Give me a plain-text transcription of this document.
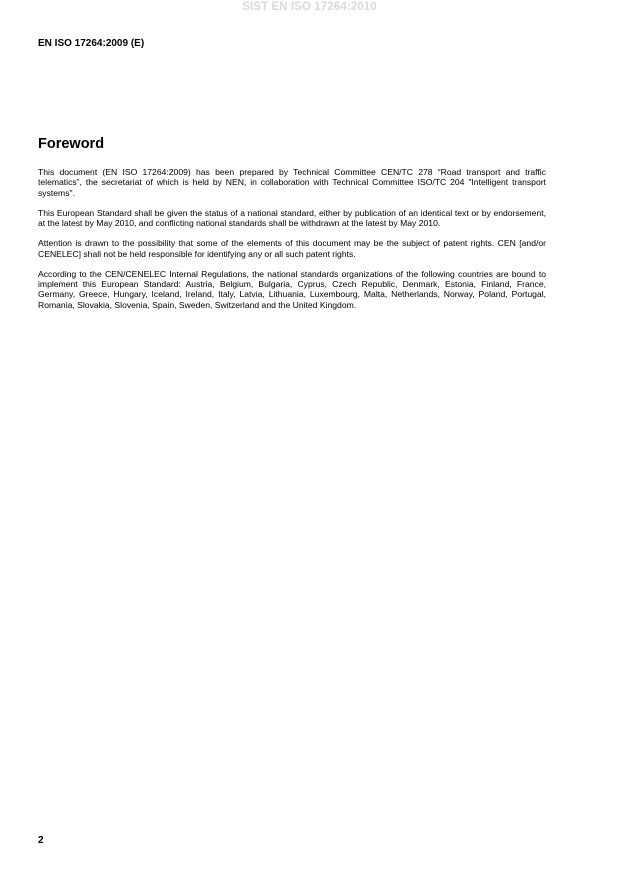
SIST EN ISO 17264:2010
EN ISO 17264:2009 (E)
Foreword

This document (EN ISO 17264:2009) has been prepared by Technical Committee CEN/TC 278 “Road transport and traffic telematics”, the secretariat of which is held by NEN, in collaboration with Technical Committee ISO/TC 204 "Intelligent transport systems".

This European Standard shall be given the status of a national standard, either by publication of an identical text or by endorsement, at the latest by May 2010, and conflicting national standards shall be withdrawn at the latest by May 2010.

Attention is drawn to the possibility that some of the elements of this document may be the subject of patent rights. CEN [and/or CENELEC] shall not be held responsible for identifying any or all such patent rights.

According to the CEN/CENELEC Internal Regulations, the national standards organizations of the following countries are bound to implement this European Standard: Austria, Belgium, Bulgaria, Cyprus, Czech Republic, Denmark, Estonia, Finland, France, Germany, Greece, Hungary, Iceland, Ireland, Italy, Latvia, Lithuania, Luxembourg, Malta, Netherlands, Norway, Poland, Portugal, Romania, Slovakia, Slovenia, Spain, Sweden, Switzerland and the United Kingdom.

2
